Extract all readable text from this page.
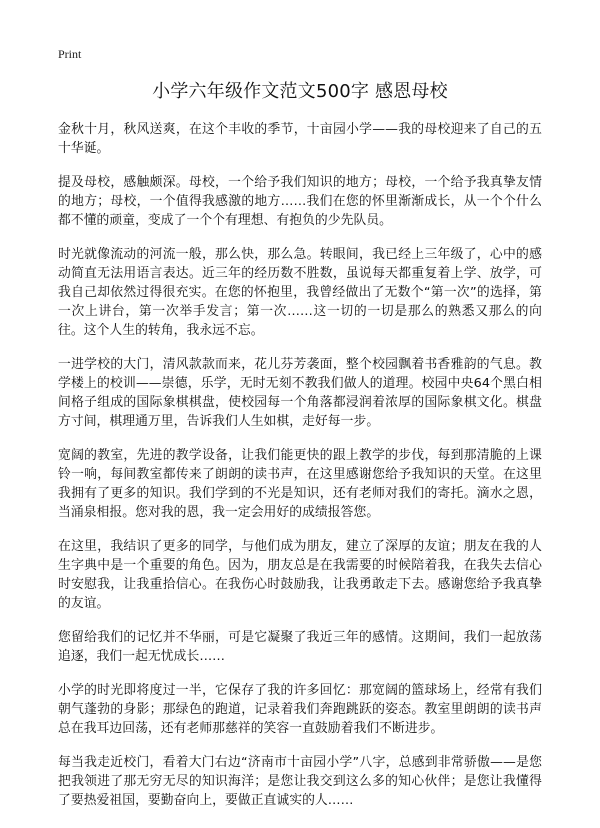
Print
小学六年级作文范文500字 感恩母校

金秋十月，秋风送爽，在这个丰收的季节，十亩园小学——我的母校迎来了自己的五十华诞。

提及母校，感触颇深。母校，一个给予我们知识的地方；母校，一个给予我真挚友情的地方；母校，一个值得我感激的地方……我们在您的怀里渐渐成长，从一个个什么都不懂的顽童，变成了一个个有理想、有抱负的少先队员。

时光就像流动的河流一般，那么快，那么急。转眼间，我已经上三年级了，心中的感动简直无法用语言表达。近三年的经历数不胜数，虽说每天都重复着上学、放学，可我自己却依然过得很充实。在您的怀抱里，我曾经做出了无数个“第一次”的选择，第一次上讲台，第一次举手发言；第一次……这一切的一切是那么的熟悉又那么的向往。这个人生的转角，我永远不忘。

一进学校的大门，清风款款而来，花儿芬芳袭面，整个校园飘着书香雅韵的气息。教学楼上的校训——崇德，乐学，无时无刻不教我们做人的道理。校园中央64个黑白相间格子组成的国际象棋棋盘，使校园每一个角落都浸润着浓厚的国际象棋文化。棋盘方寸间，棋理通万里，告诉我们人生如棋，走好每一步。

宽阔的教室，先进的教学设备，让我们能更快的跟上教学的步伐，每到那清脆的上课铃一响，每间教室都传来了朗朗的读书声，在这里感谢您给予我知识的天堂。在这里我拥有了更多的知识。我们学到的不光是知识，还有老师对我们的寄托。滴水之恩，当涌泉相报。您对我的恩，我一定会用好的成绩报答您。

在这里，我结识了更多的同学，与他们成为朋友，建立了深厚的友谊；朋友在我的人生字典中是一个重要的角色。因为，朋友总是在我需要的时候陪着我，在我失去信心时安慰我，让我重拾信心。在我伤心时鼓励我，让我勇敢走下去。感谢您给予我真挚的友谊。

您留给我们的记忆并不华丽，可是它凝聚了我近三年的感情。这期间，我们一起放荡追逐，我们一起无忧成长……

小学的时光即将度过一半，它保存了我的许多回忆：那宽阔的篮球场上，经常有我们朝气蓬勃的身影；那绿色的跑道，记录着我们奔跑跳跃的姿态。教室里朗朗的读书声总在我耳边回荡，还有老师那慈祥的笑容一直鼓励着我们不断进步。

每当我走近校门，看着大门右边“济南市十亩园小学”八字，总感到非常骄傲——是您把我领进了那无穷无尽的知识海洋；是您让我交到这么多的知心伙伴；是您让我懂得了要热爱祖国，要勤奋向上，要做正直诚实的人……
